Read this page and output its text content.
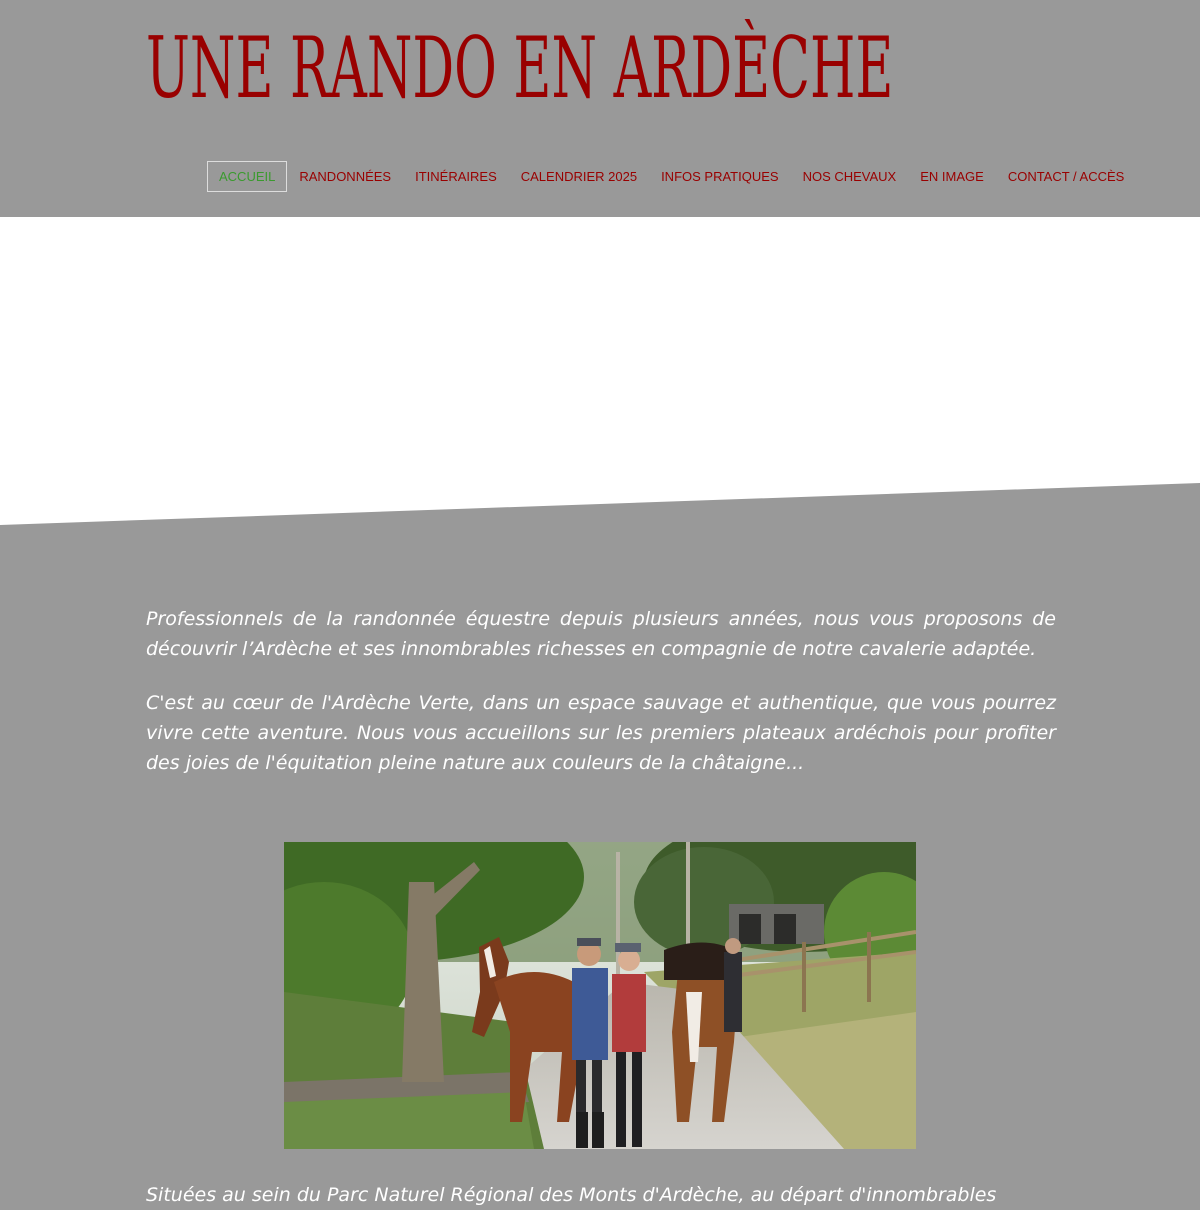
UNE RANDO EN ARDÈCHE
ACCUEIL	RANDONNÉES	ITINÉRAIRES	CALENDRIER 2025	INFOS PRATIQUES	NOS CHEVAUX	EN IMAGE	CONTACT / ACCÈS

Professionnels de la randonnée équestre depuis plusieurs années, nous vous proposons de découvrir l’Ardèche et ses innombrables richesses en compagnie de notre cavalerie adaptée.

C'est au cœur de l'Ardèche Verte, dans un espace sauvage et authentique, que vous pourrez vivre cette aventure. Nous vous accueillons sur les premiers plateaux ardéchois pour profiter des joies de l'équitation pleine nature aux couleurs de la châtaigne...

Situées au sein du Parc Naturel Régional des Monts d'Ardèche, au départ d'innombrables
